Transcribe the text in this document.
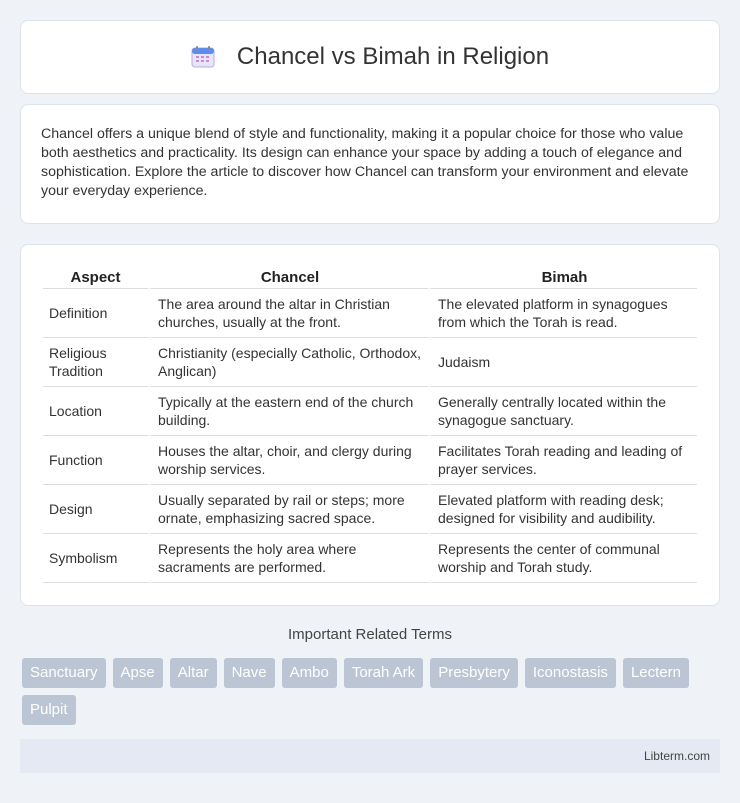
Chancel vs Bimah in Religion

Chancel offers a unique blend of style and functionality, making it a popular choice for those who value both aesthetics and practicality. Its design can enhance your space by adding a touch of elegance and sophistication. Explore the article to discover how Chancel can transform your environment and elevate your everyday experience.

Aspect	Chancel	Bimah
Definition	The area around the altar in Christian churches, usually at the front.	The elevated platform in synagogues from which the Torah is read.
Religious Tradition	Christianity (especially Catholic, Orthodox, Anglican)	Judaism
Location	Typically at the eastern end of the church building.	Generally centrally located within the synagogue sanctuary.
Function	Houses the altar, choir, and clergy during worship services.	Facilitates Torah reading and leading of prayer services.
Design	Usually separated by rail or steps; more ornate, emphasizing sacred space.	Elevated platform with reading desk; designed for visibility and audibility.
Symbolism	Represents the holy area where sacraments are performed.	Represents the center of communal worship and Torah study.
Important Related Terms
Sanctuary	Apse	Altar	Nave	Ambo	Torah Ark	Presbytery	Iconostasis	Lectern
Pulpit
Libterm.com
